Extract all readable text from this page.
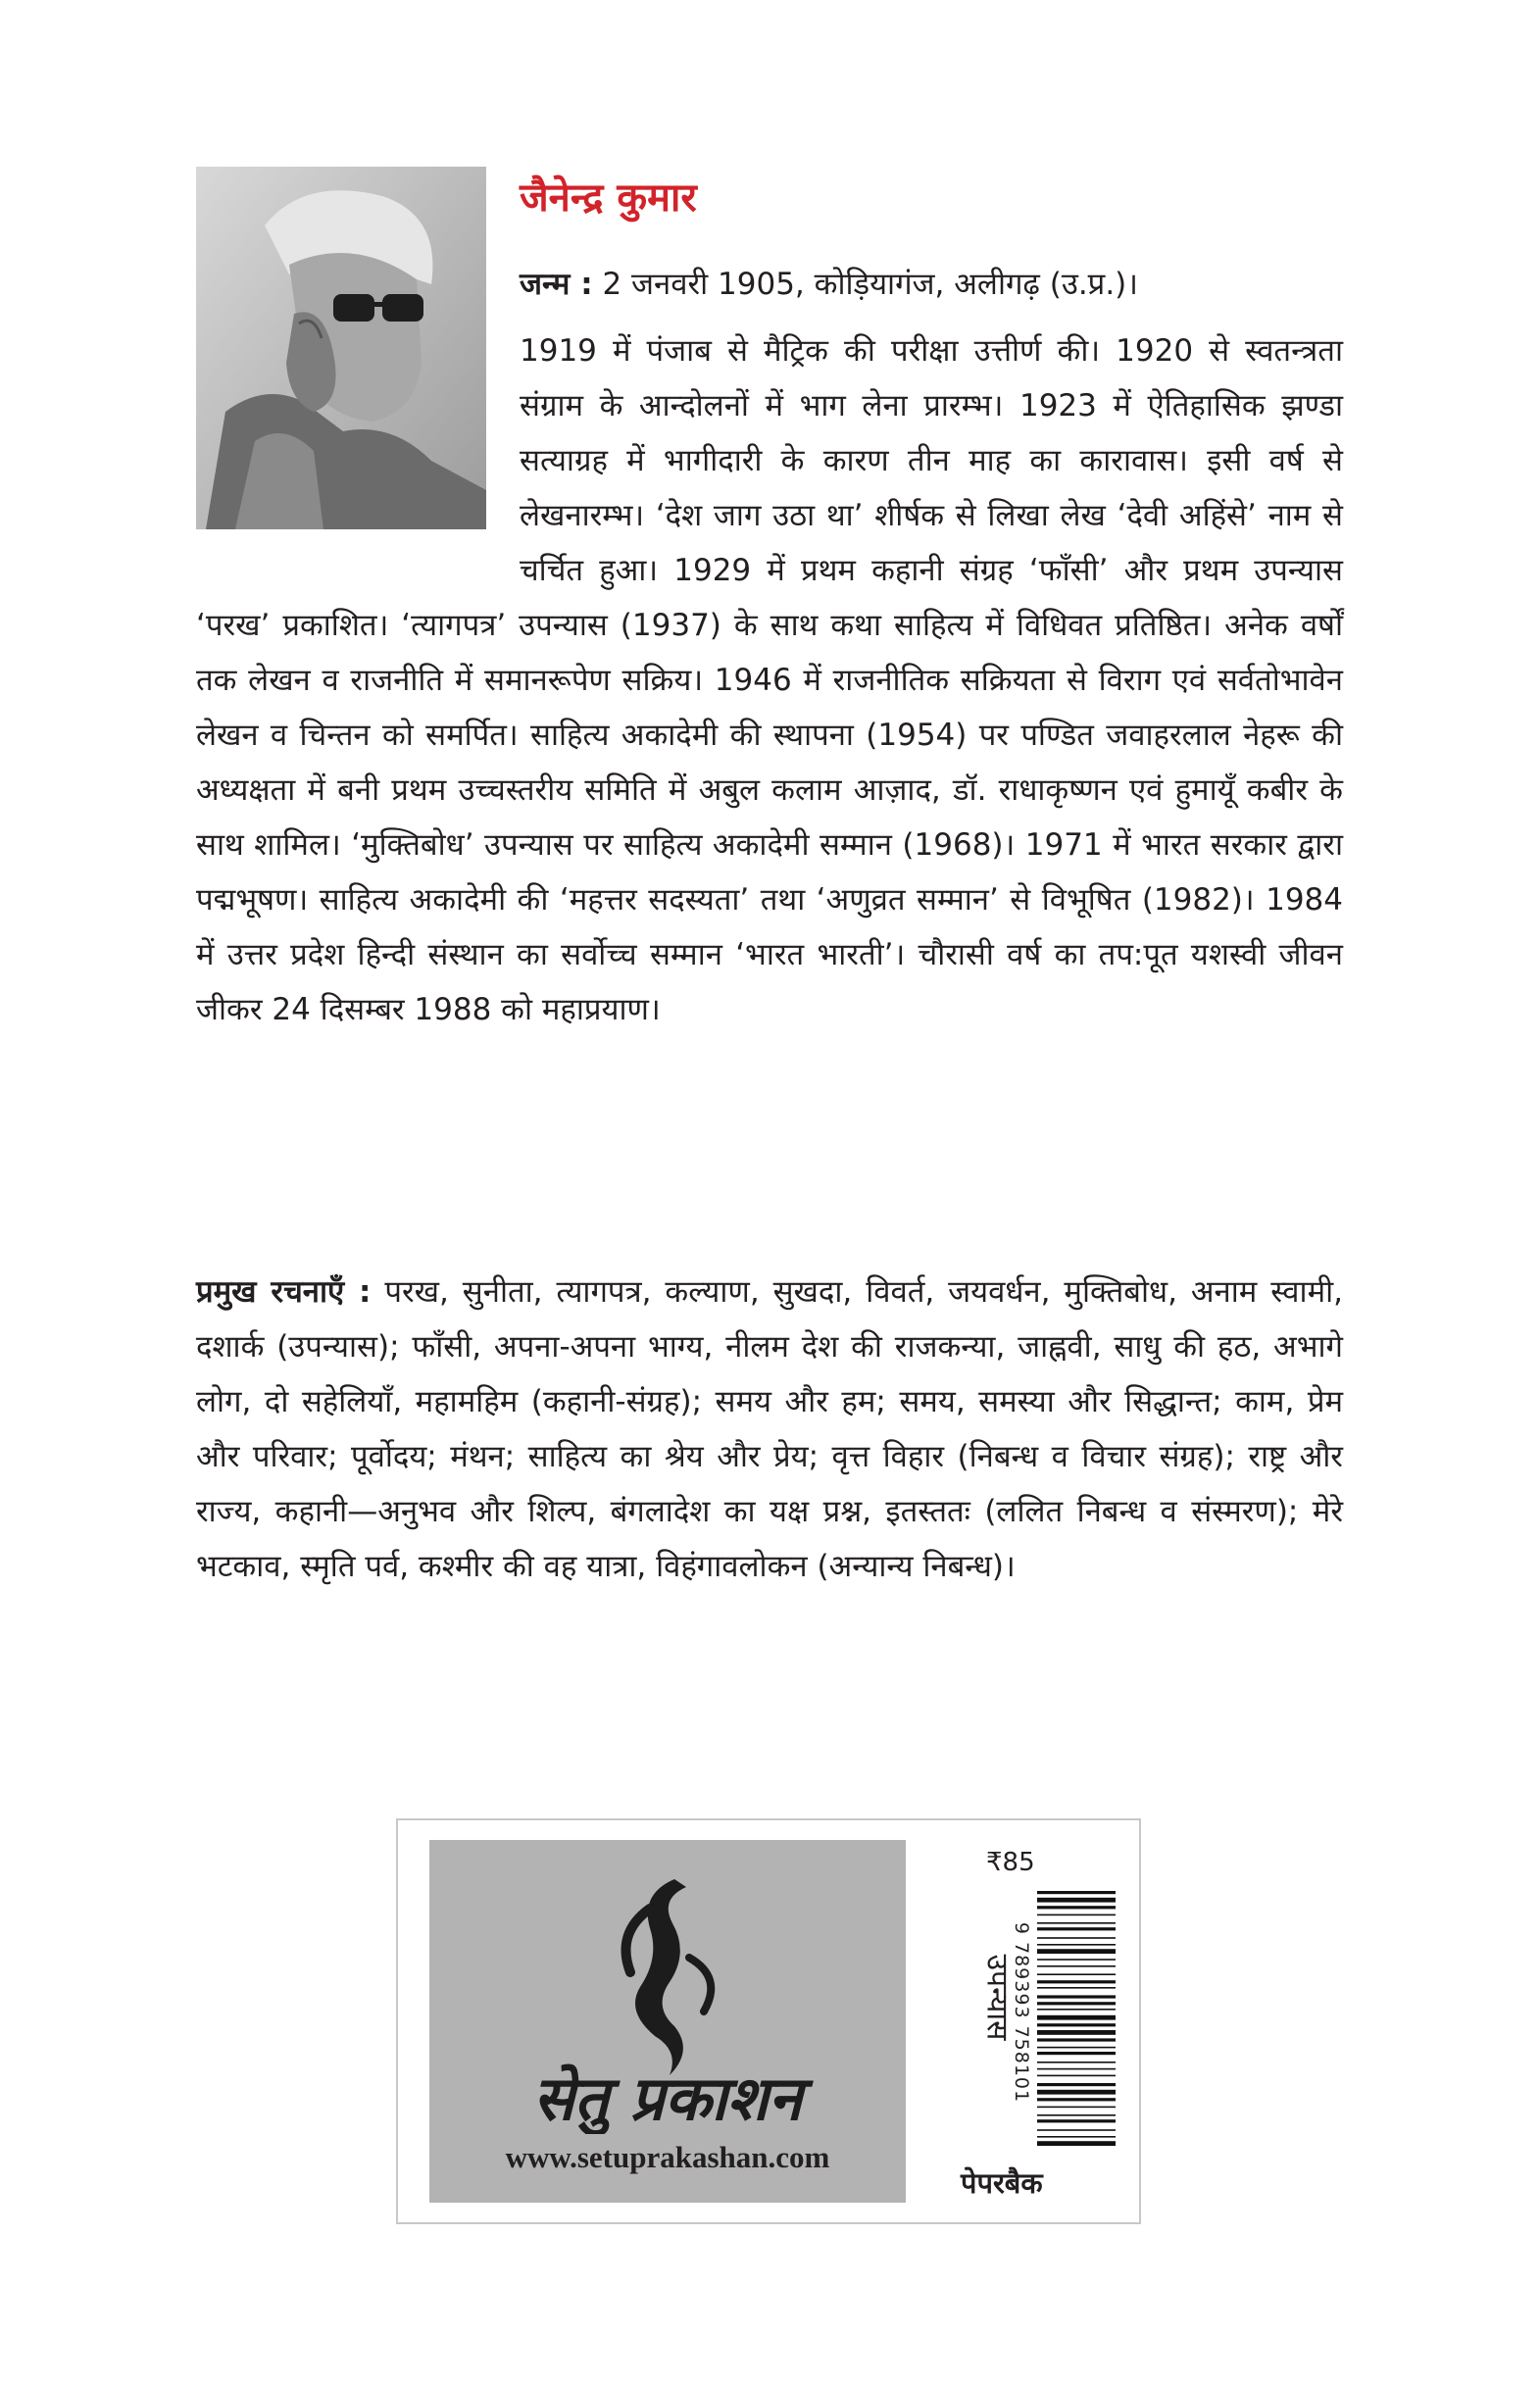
जैनेन्द्र कुमार

जन्म : 2 जनवरी 1905, कोड़ियागंज, अलीगढ़ (उ.प्र.)।

1919 में पंजाब से मैट्रिक की परीक्षा उत्तीर्ण की। 1920 से स्वतन्त्रता संग्राम के आन्दोलनों में भाग लेना प्रारम्भ। 1923 में ऐतिहासिक झण्डा सत्याग्रह में भागीदारी के कारण तीन माह का कारावास। इसी वर्ष से लेखनारम्भ। ‘देश जाग उठा था’ शीर्षक से लिखा लेख ‘देवी अहिंसे’ नाम से चर्चित हुआ। 1929 में प्रथम कहानी संग्रह ‘फाँसी’ और प्रथम उपन्यास ‘परख’ प्रकाशित। ‘त्यागपत्र’ उपन्यास (1937) के साथ कथा साहित्य में विधिवत प्रतिष्ठित। अनेक वर्षों तक लेखन व राजनीति में समानरूपेण सक्रिय। 1946 में राजनीतिक सक्रियता से विराग एवं सर्वतोभावेन लेखन व चिन्तन को समर्पित। साहित्य अकादेमी की स्थापना (1954) पर पण्डित जवाहरलाल नेहरू की अध्यक्षता में बनी प्रथम उच्चस्तरीय समिति में अबुल कलाम आज़ाद, डॉ. राधाकृष्णन एवं हुमायूँ कबीर के साथ शामिल। ‘मुक्तिबोध’ उपन्यास पर साहित्य अकादेमी सम्मान (1968)। 1971 में भारत सरकार द्वारा पद्मभूषण। साहित्य अकादेमी की ‘महत्तर सदस्यता’ तथा ‘अणुव्रत सम्मान’ से विभूषित (1982)। 1984 में उत्तर प्रदेश हिन्दी संस्थान का सर्वोच्च सम्मान ‘भारत भारती’। चौरासी वर्ष का तप:पूत यशस्वी जीवन जीकर 24 दिसम्बर 1988 को महाप्रयाण।

प्रमुख रचनाएँ : परख, सुनीता, त्यागपत्र, कल्याण, सुखदा, विवर्त, जयवर्धन, मुक्तिबोध, अनाम स्वामी, दशार्क (उपन्यास); फाँसी, अपना-अपना भाग्य, नीलम देश की राजकन्या, जाह्नवी, साधु की हठ, अभागे लोग, दो सहेलियाँ, महामहिम (कहानी-संग्रह); समय और हम; समय, समस्या और सिद्धान्त; काम, प्रेम और परिवार; पूर्वोदय; मंथन; साहित्य का श्रेय और प्रेय; वृत्त विहार (निबन्ध व विचार संग्रह); राष्ट्र और राज्य, कहानी—अनुभव और शिल्प, बंगलादेश का यक्ष प्रश्न, इतस्ततः (ललित निबन्ध व संस्मरण); मेरे भटकाव, स्मृति पर्व, कश्मीर की वह यात्रा, विहंगावलोकन (अन्यान्य निबन्ध)।

सेतु प्रकाशन
www.setuprakashan.com
₹85
9 789393 758101
उपन्यास
पेपरबैक
